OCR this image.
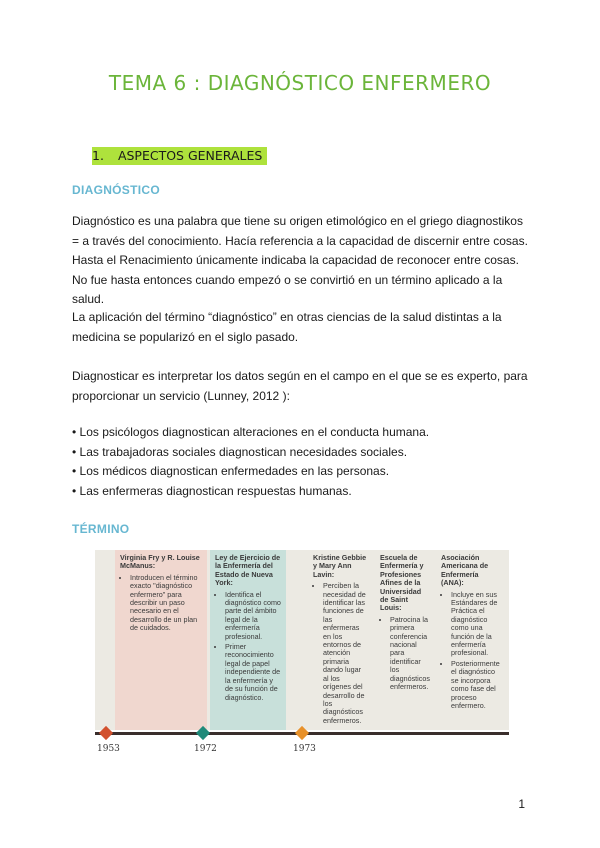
TEMA 6 : DIAGNÓSTICO ENFERMERO
1. ASPECTOS GENERALES
DIAGNÓSTICO

Diagnóstico es una palabra que tiene su origen etimológico en el griego diagnostikos = a través del conocimiento. Hacía referencia a la capacidad de discernir entre cosas. Hasta el Renacimiento únicamente indicaba la capacidad de reconocer entre cosas. No fue hasta entonces cuando empezó o se convirtió en un término aplicado a la salud.

La aplicación del término “diagnóstico” en otras ciencias de la salud distintas a la medicina se popularizó en el siglo pasado.

Diagnosticar es interpretar los datos según en el campo en el que se es experto, para proporcionar un servicio (Lunney, 2012 ):

• Los psicólogos diagnostican alteraciones en el conducta humana.
• Las trabajadoras sociales diagnostican necesidades sociales.
• Los médicos diagnostican enfermedades en las personas.
• Las enfermeras diagnostican respuestas humanas.
TÉRMINO
Virginia Fry y R. Louise McManus:
• Introducen el término exacto "diagnóstico enfermero" para describir un paso necesario en el desarrollo de un plan de cuidados.
Ley de Ejercicio de la Enfermería del Estado de Nueva York:
• Identifica el diagnóstico como parte del ámbito legal de la enfermería profesional.
• Primer reconocimiento legal de papel independiente de la enfermería y de su función de diagnóstico.
Kristine Gebbie y Mary Ann Lavin:
• Perciben la necesidad de identificar las funciones de las enfermeras en los entornos de atención primaria dando lugar al los orígenes del desarrollo de los diagnósticos enfermeros.
Escuela de Enfermería y Profesiones Afines de la Universidad de Saint Louis:
• Patrocina la primera conferencia nacional para identificar los diagnósticos enfermeros.
Asociación Americana de Enfermería (ANA):
• Incluye en sus Estándares de Práctica el diagnóstico como una función de la enfermería profesional.
• Posteriormente el diagnóstico se incorpora como fase del proceso enfermero.
1953	1972	1973
1
